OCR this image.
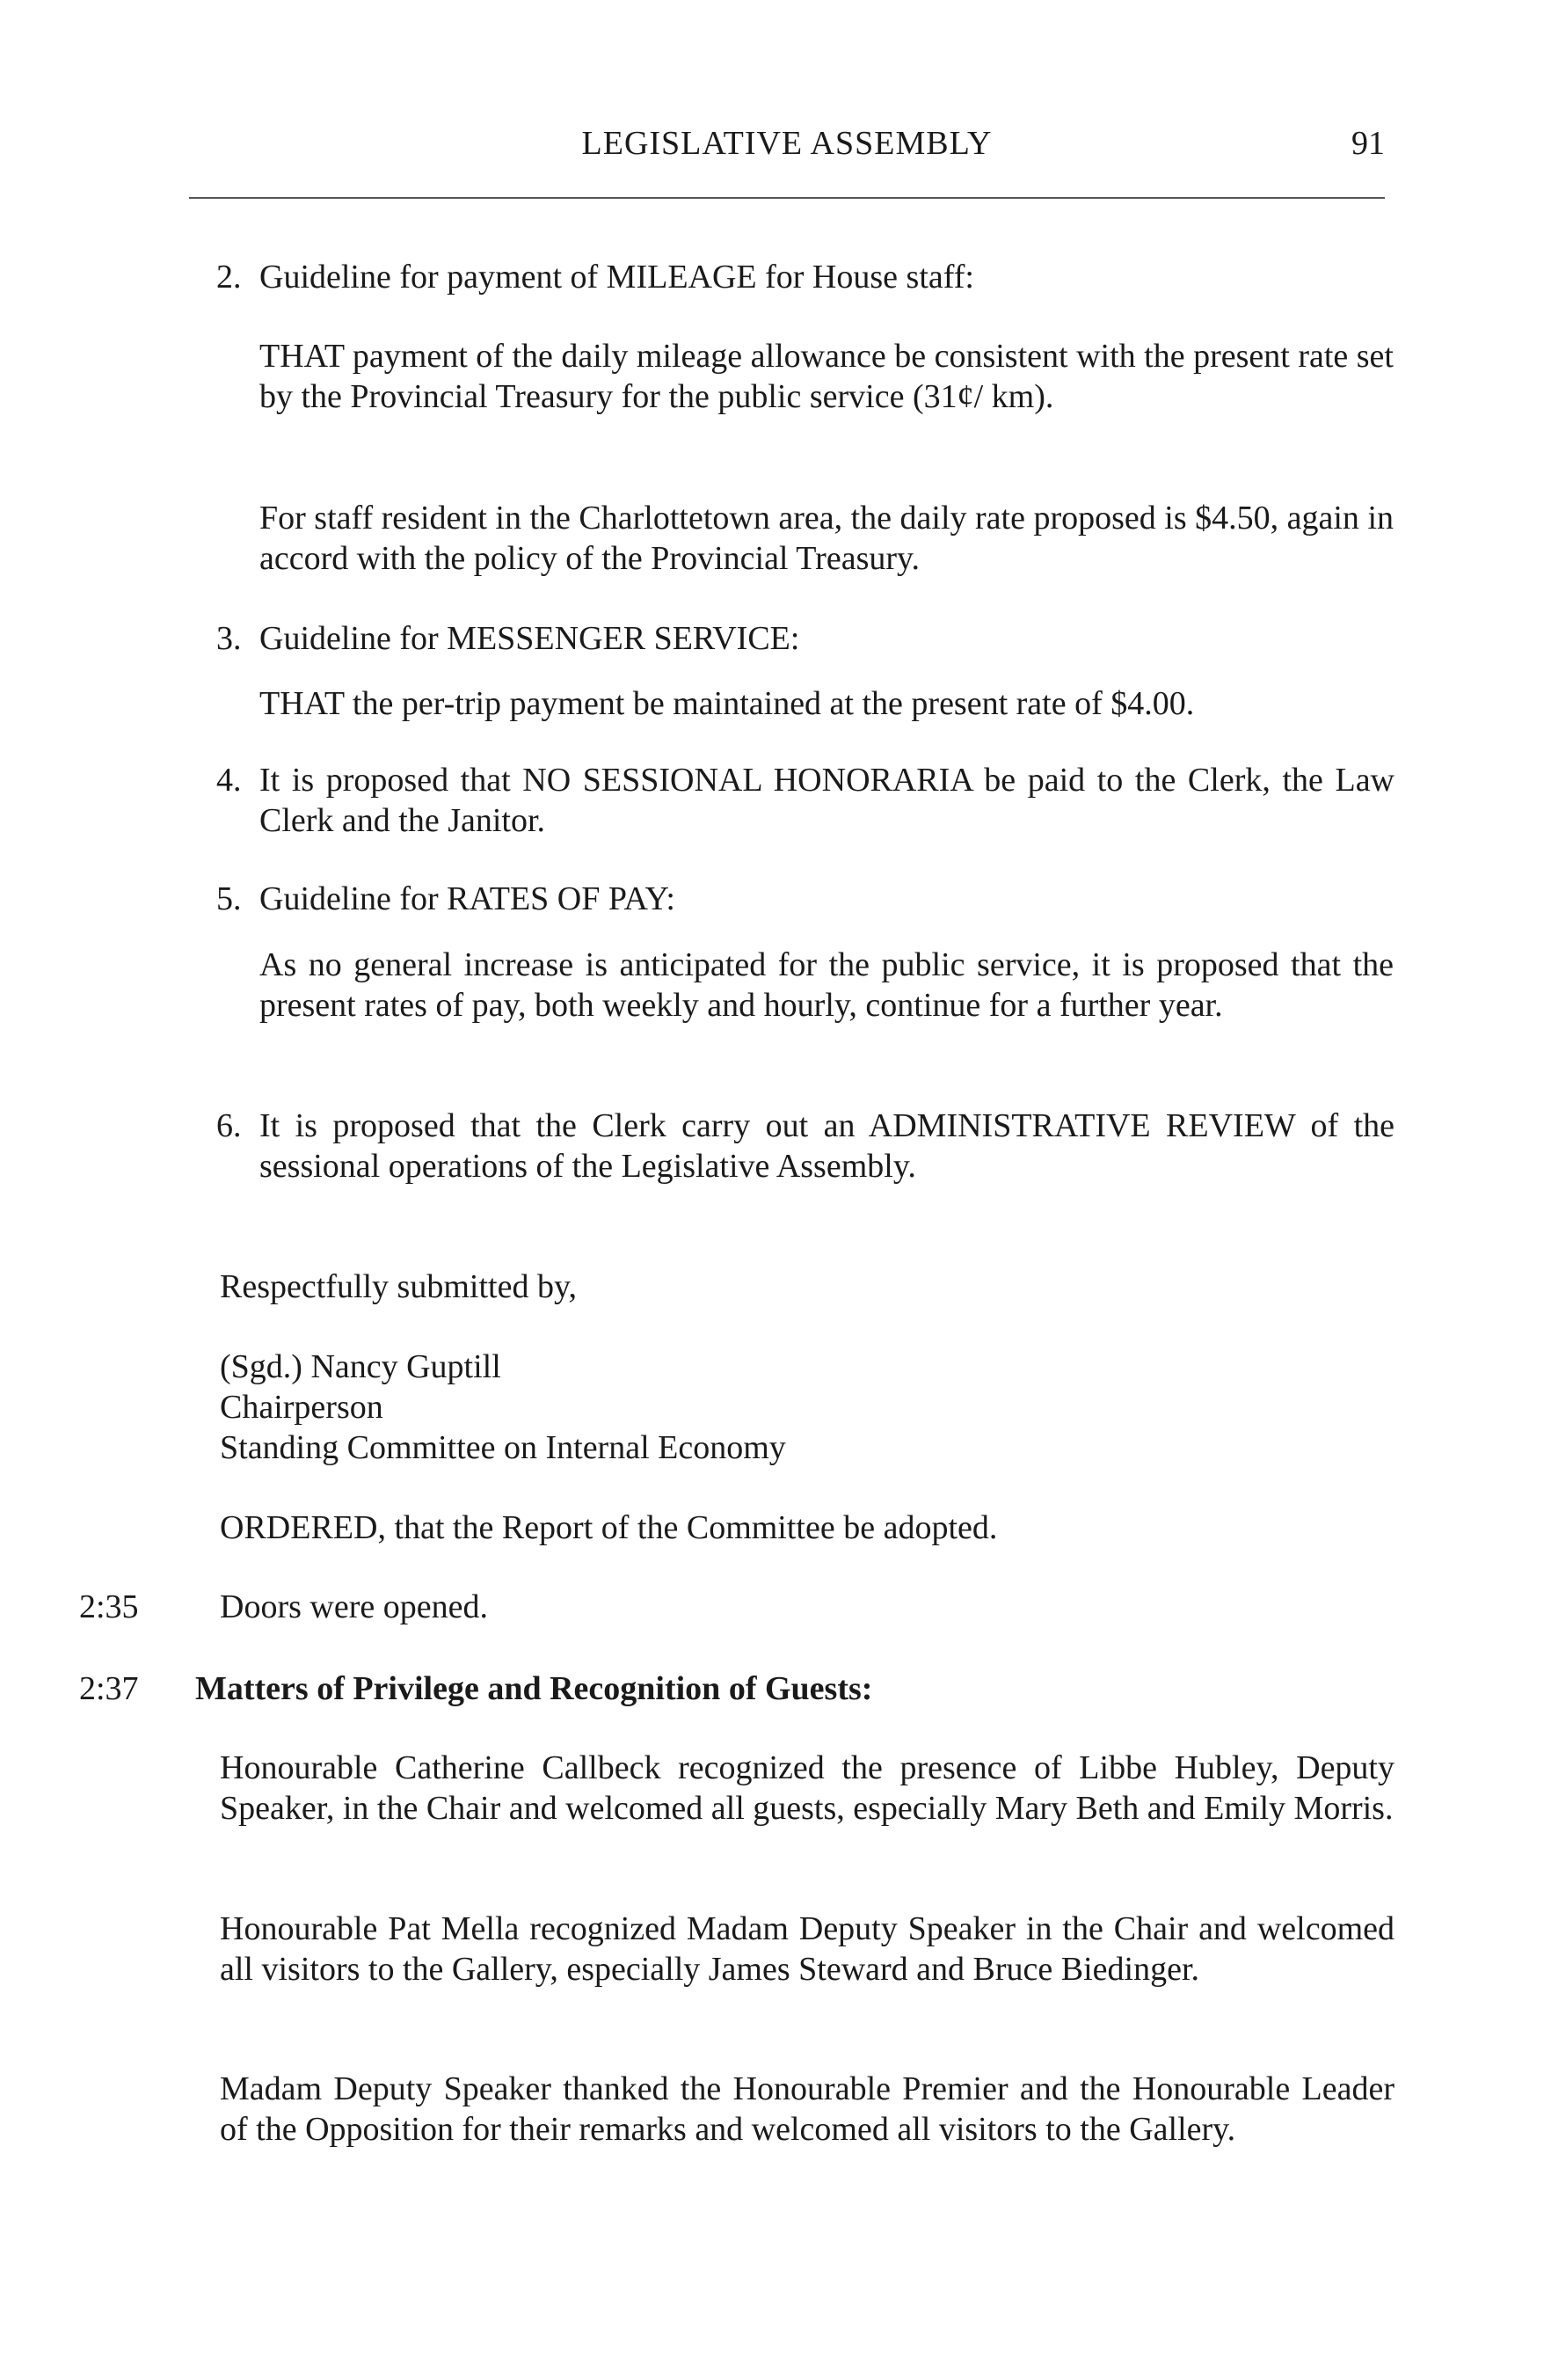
LEGISLATIVE ASSEMBLY	91
2. Guideline for payment of MILEAGE for House staff:

THAT payment of the daily mileage allowance be consistent with the present rate set by the Provincial Treasury for the public service (31¢/ km).

For staff resident in the Charlottetown area, the daily rate proposed is $4.50, again in accord with the policy of the Provincial Treasury.

3. Guideline for MESSENGER SERVICE:

THAT the per-trip payment be maintained at the present rate of $4.00.

4. It is proposed that NO SESSIONAL HONORARIA be paid to the Clerk, the Law Clerk and the Janitor.

5. Guideline for RATES OF PAY:

As no general increase is anticipated for the public service, it is proposed that the present rates of pay, both weekly and hourly, continue for a further year.

6. It is proposed that the Clerk carry out an ADMINISTRATIVE REVIEW of the sessional operations of the Legislative Assembly.

Respectfully submitted by,

(Sgd.) Nancy Guptill

Chairperson

Standing Committee on Internal Economy

ORDERED, that the Report of the Committee be adopted.

2:35 Doors were opened.

2:37 Matters of Privilege and Recognition of Guests:

Honourable Catherine Callbeck recognized the presence of Libbe Hubley, Deputy Speaker, in the Chair and welcomed all guests, especially Mary Beth and Emily Morris.

Honourable Pat Mella recognized Madam Deputy Speaker in the Chair and welcomed all visitors to the Gallery, especially James Steward and Bruce Biedinger.

Madam Deputy Speaker thanked the Honourable Premier and the Honourable Leader of the Opposition for their remarks and welcomed all visitors to the Gallery.
